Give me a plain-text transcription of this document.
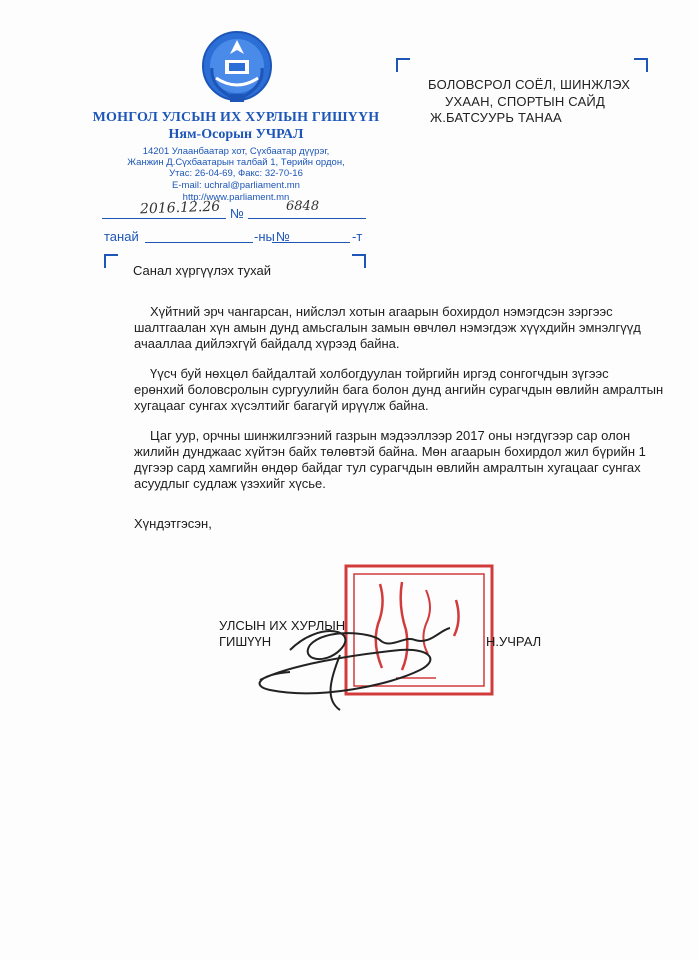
МОНГОЛ УЛСЫН ИХ ХУРЛЫН ГИШҮҮН
Ням-Осорын УЧРАЛ
14201 Улаанбаатар хот, Сүхбаатар дүүрэг,
Жанжин Д.Сүхбаатарын талбай 1, Төрийн ордон,
Утас: 26-04-69, Факс: 32-70-16
E-mail: uchral@parliament.mn
http://www.parliament.mn
2016.12.26 №	6848
танай	-ны №	-т
БОЛОВСРОЛ СОЁЛ, ШИНЖЛЭХ
УХААН, СПОРТЫН САЙД
Ж.БАТСУУРЬ ТАНАА
Санал хүргүүлэх тухай
Хүйтний эрч чангарсан, нийслэл хотын агаарын бохирдол нэмэгдсэн зэргээс
шалтгаалан хүн амын дунд амьсгалын замын өвчлөл нэмэгдэж хүүхдийн эмнэлгүүд
ачааллаа дийлэхгүй байдалд хүрээд байна.
Үүсч буй нөхцөл байдалтай холбогдуулан тойргийн иргэд сонгогчдын зүгээс
ерөнхий боловсролын сургуулийн бага болон дунд ангийн сурагчдын өвлийн амралтын
хугацааг сунгах хүсэлтийг багагүй ирүүлж байна.
Цаг уур, орчны шинжилгээний газрын мэдээллээр 2017 оны нэгдүгээр сар олон
жилийн дунджаас хүйтэн байх төлөвтэй байна. Мөн агаарын бохирдол жил бүрийн 1
дүгээр сард хамгийн өндөр байдаг тул сурагчдын өвлийн амралтын хугацааг сунгах
асуудлыг судлаж үзэхийг хүсье.
Хүндэтгэсэн,
УЛСЫН ИХ ХУРЛЫН
ГИШҮҮН	Н.УЧРАЛ
